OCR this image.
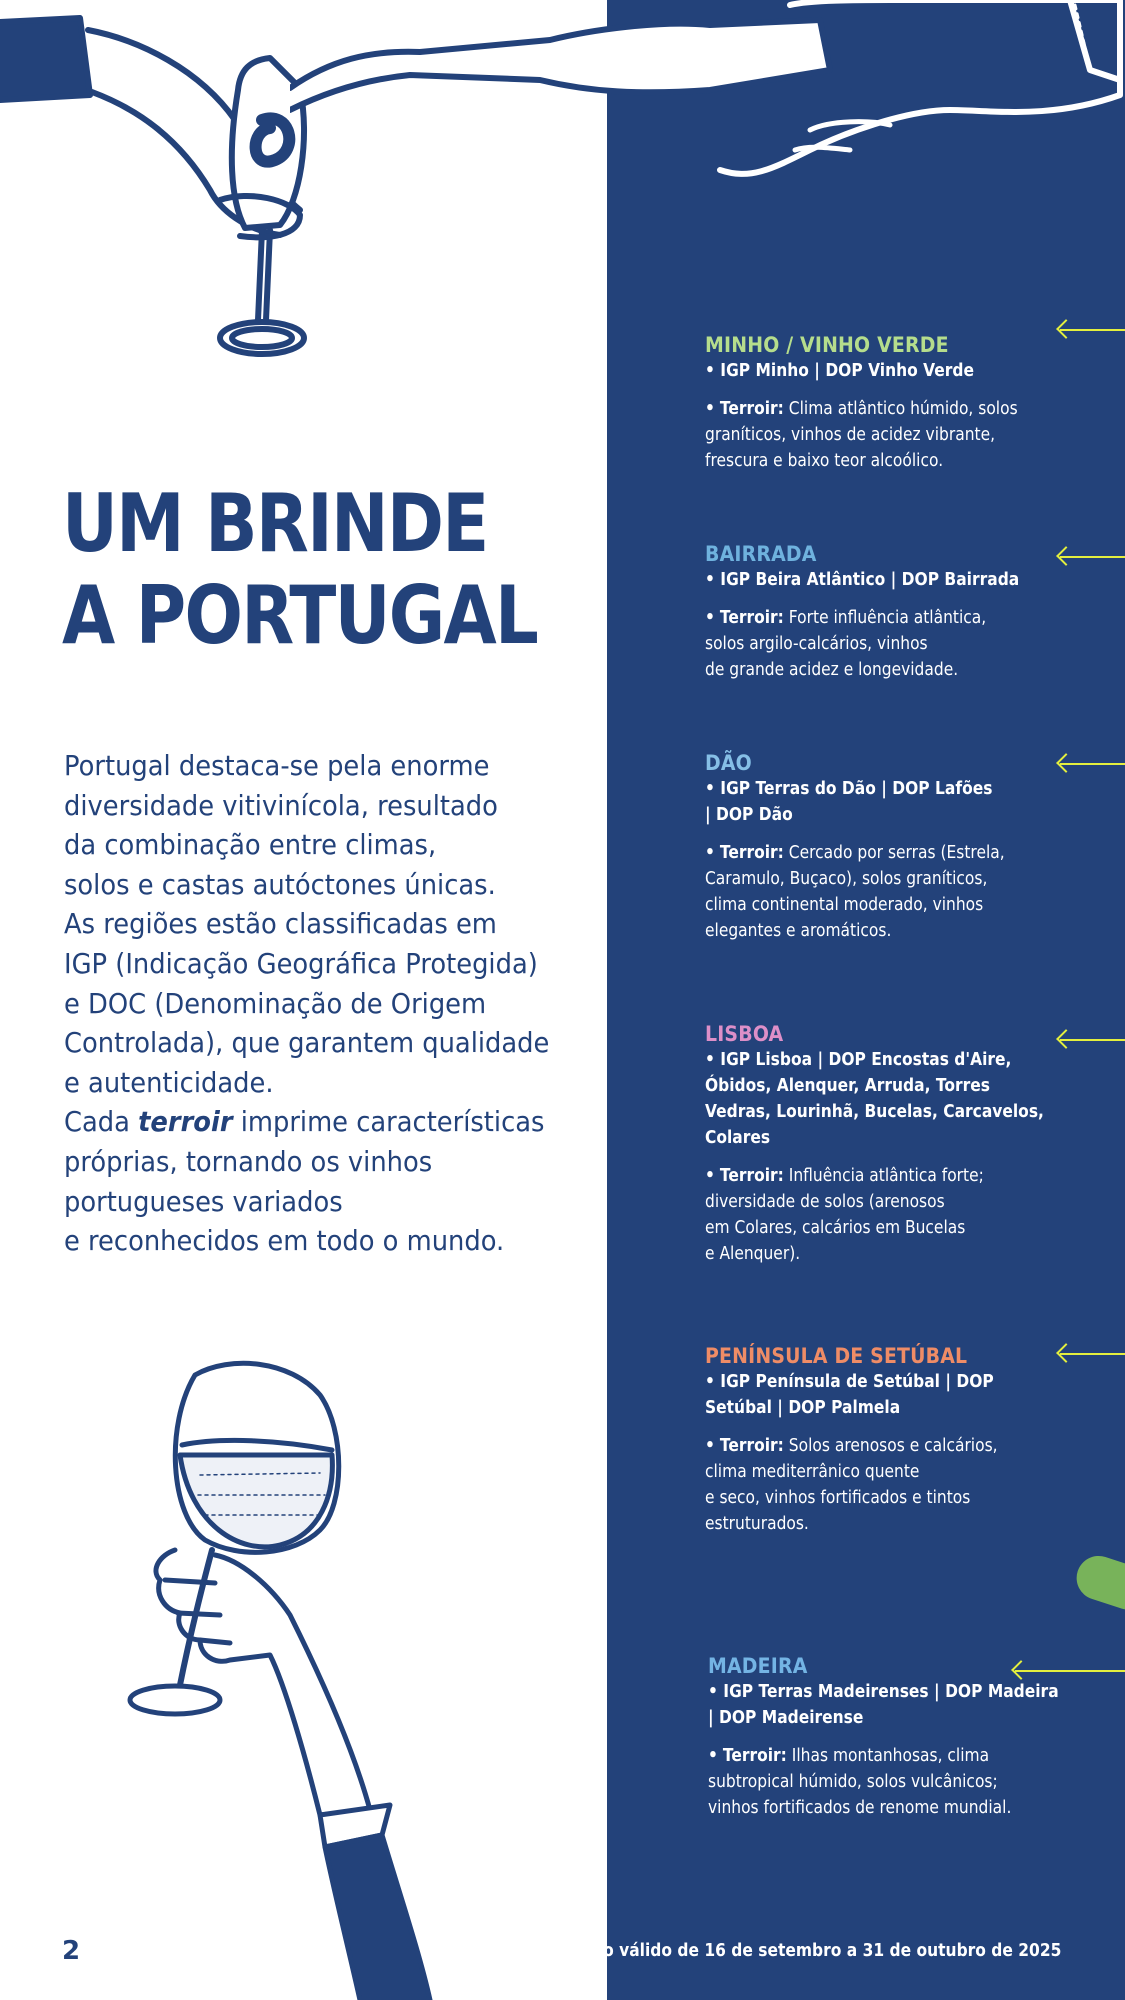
UM BRINDE
A PORTUGAL
Portugal destaca-se pela enorme
diversidade vitivinícola, resultado
da combinação entre climas,
solos e castas autóctones únicas.
As regiões estão classificadas em
IGP (Indicação Geográfica Protegida)
e DOC (Denominação de Origem
Controlada), que garantem qualidade
e autenticidade.
Cada terroir imprime características
próprias, tornando os vinhos
portugueses variados
e reconhecidos em todo o mundo.
MINHO / VINHO VERDE
• IGP Minho | DOP Vinho Verde
• Terroir: Clima atlântico húmido, solos
graníticos, vinhos de acidez vibrante,
frescura e baixo teor alcoólico.
BAIRRADA
• IGP Beira Atlântico | DOP Bairrada
• Terroir: Forte influência atlântica,
solos argilo-calcários, vinhos
de grande acidez e longevidade.
DÃO
• IGP Terras do Dão | DOP Lafões
| DOP Dão
• Terroir: Cercado por serras (Estrela,
Caramulo, Buçaco), solos graníticos,
clima continental moderado, vinhos
elegantes e aromáticos.
LISBOA
• IGP Lisboa | DOP Encostas d'Aire,
Óbidos, Alenquer, Arruda, Torres
Vedras, Lourinhã, Bucelas, Carcavelos,
Colares
• Terroir: Influência atlântica forte;
diversidade de solos (arenosos
em Colares, calcários em Bucelas
e Alenquer).
PENÍNSULA DE SETÚBAL
• IGP Península de Setúbal | DOP
Setúbal | DOP Palmela
• Terroir: Solos arenosos e calcários,
clima mediterrânico quente
e seco, vinhos fortificados e tintos
estruturados.
MADEIRA
• IGP Terras Madeirenses | DOP Madeira
| DOP Madeirense
• Terroir: Ilhas montanhosas, clima
subtropical húmido, solos vulcânicos;
vinhos fortificados de renome mundial.
2	Catálogo válido de 16 de setembro a 31 de outubro de 2025
